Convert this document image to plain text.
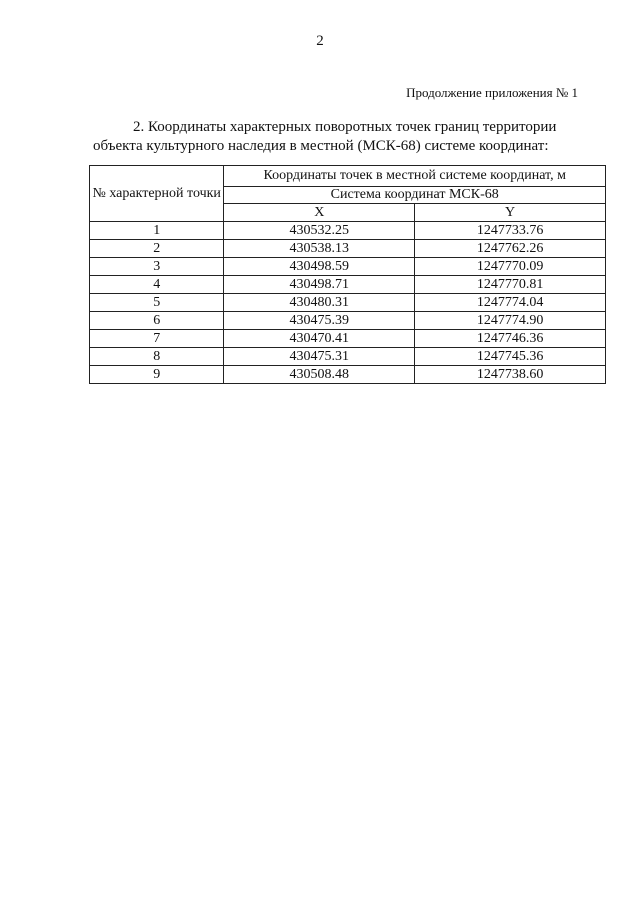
2
Продолжение приложения № 1
2. Координаты характерных поворотных точек границ территории
объекта культурного наследия в местной (МСК-68) системе координат:
№ характерной точки	Координаты точек в местной системе координат, м	
	Система координат МСК-68	
	X	Y
1	430532.25	1247733.76
2	430538.13	1247762.26
3	430498.59	1247770.09
4	430498.71	1247770.81
5	430480.31	1247774.04
6	430475.39	1247774.90
7	430470.41	1247746.36
8	430475.31	1247745.36
9	430508.48	1247738.60
